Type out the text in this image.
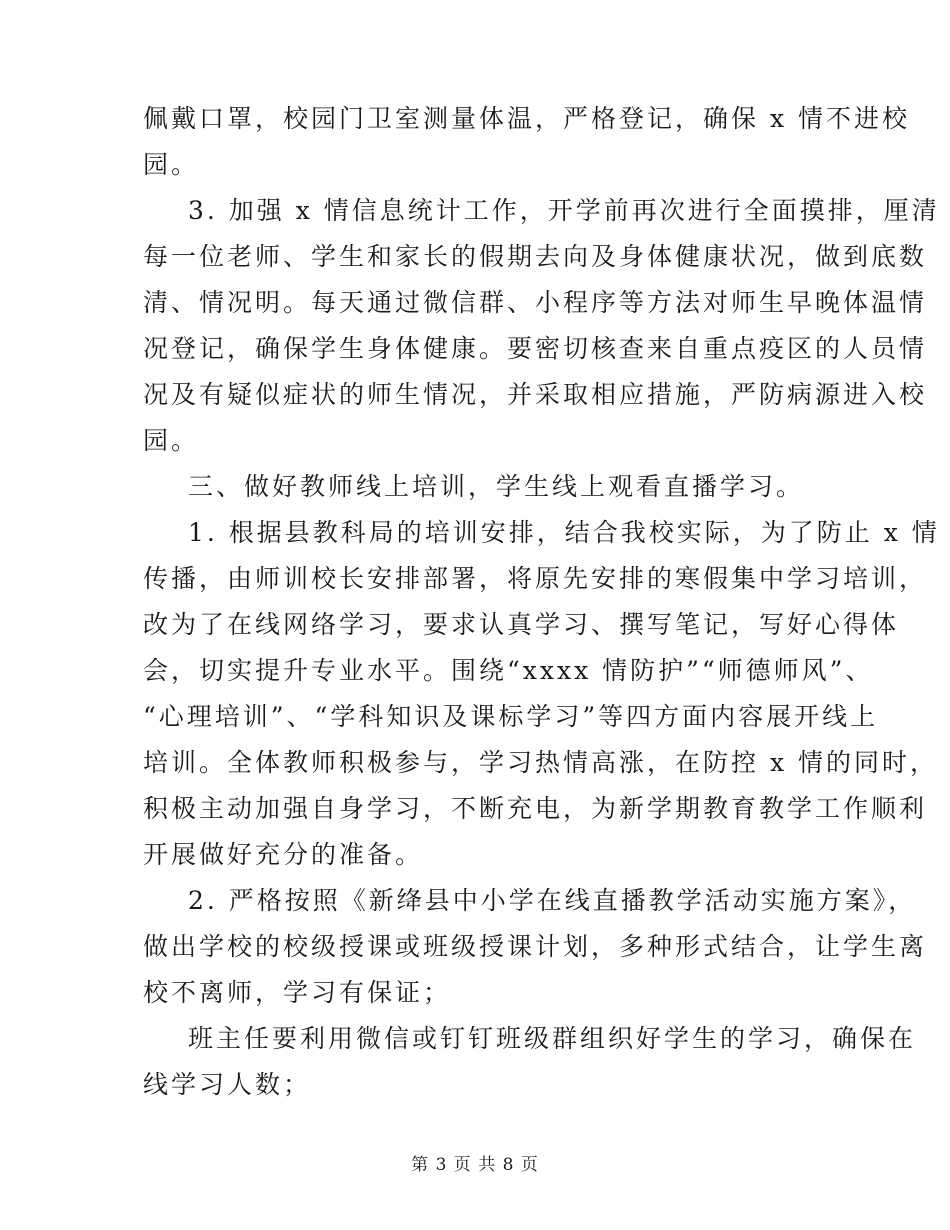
佩戴口罩，校园门卫室测量体温，严格登记，确保 x 情不进校
园。
3. 加强 x 情信息统计工作，开学前再次进行全面摸排，厘清
每一位老师、学生和家长的假期去向及身体健康状况，做到底数
清、情况明。每天通过微信群、小程序等方法对师生早晚体温情
况登记，确保学生身体健康。要密切核查来自重点疫区的人员情
况及有疑似症状的师生情况，并采取相应措施，严防病源进入校
园。
三、做好教师线上培训，学生线上观看直播学习。
1. 根据县教科局的培训安排，结合我校实际，为了防止 x 情
传播，由师训校长安排部署，将原先安排的寒假集中学习培训，
改为了在线网络学习，要求认真学习、撰写笔记，写好心得体
会，切实提升专业水平。围绕“xxxx 情防护”“师德师风”、
“心理培训”、“学科知识及课标学习”等四方面内容展开线上
培训。全体教师积极参与，学习热情高涨，在防控 x 情的同时，
积极主动加强自身学习，不断充电，为新学期教育教学工作顺利
开展做好充分的准备。
2. 严格按照《新绛县中小学在线直播教学活动实施方案》，
做出学校的校级授课或班级授课计划，多种形式结合，让学生离
校不离师，学习有保证；
班主任要利用微信或钉钉班级群组织好学生的学习，确保在
线学习人数；
第 3 页 共 8 页
